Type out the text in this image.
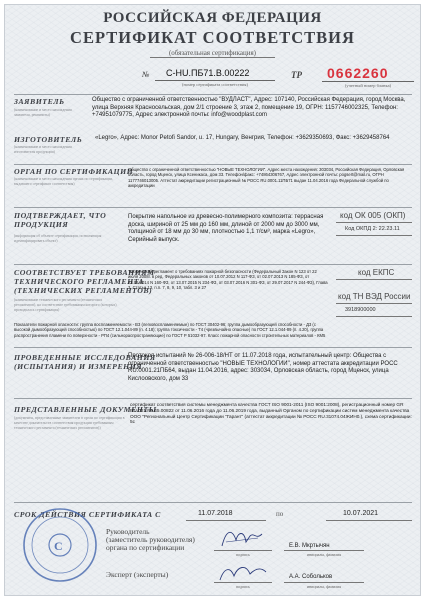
РОССИЙСКАЯ ФЕДЕРАЦИЯ
СЕРТИФИКАТ СООТВЕТСТВИЯ
(обязательная сертификация)
№ С-HU.ПБ71.В.00222
(номер сертификата соответствия)
ТР 0662260
(учетный номер бланка)
ЗАЯВИТЕЛЬ
(наименование и место нахождения заявителя, реквизиты)
Общество с ограниченной ответственностью "ВУДЛАСТ", Адрес: 107140, Российская Федерация, город Москва, улица Верхняя Красносельская, дом 2/1 строение 3, этаж 2, помещение 19, ОГРН: 1157746002325, Телефон: +74951079775, Адрес электронной почты: info@woodplast.com
ИЗГОТОВИТЕЛЬ
(наименование и место нахождения изготовителя продукции)
«Legro», Адрес: Monor Petofi Sandor, u. 17, Hungary, Венгрия, Телефон: +3629350693, Факс: +3629458764
ОРГАН ПО СЕРТИФИКАЦИИ
(наименование и место нахождения органа по сертификации, выдавшего сертификат соответствия)
Общество с ограниченной ответственностью "НОВЫЕ ТЕХНОЛОГИИ". Адрес места нахождения: 303034, Российская Федерация, Орловская область, город Мценск, улица Ксеникаса, дом 33. Телефон/факс: +74864306767, Адрес электронной почты: pogsert@mail.ru, ОГРН 1177746013005. Аттестат аккредитации регистрационный № РОСС RU.0001.11ПБ71 выдан 11.04.2016 года Федеральной службой по аккредитации
ПОДТВЕРЖДАЕТ, ЧТО
ПРОДУКЦИЯ
(информация об объекте сертификации, позволяющая идентифицировать объект)
Покрытие напольное из древесно-полимерного композита: террасная доска, шириной от 25 мм до 160 мм, длиной от 2000 мм до 3000 мм, толщиной от 18 мм до 30 мм, плотностью 1,1 т/см³, марка «Legro», Серийный выпуск.
код ОК 005 (ОКП)
Код ОКПД 2: 22.23.11
СООТВЕТСТВУЕТ ТРЕБОВАНИЯМ
ТЕХНИЧЕСКОГО РЕГЛАМЕНТА
(ТЕХНИЧЕСКИХ РЕГЛАМЕНТОВ)
(наименование технического регламента (технических регламентов), на соответствие требованиям которого (которых) проводилась сертификация)
Технический регламент о требованиях пожарной безопасности (Федеральный Закон N 123 от 22 июля 2008г. в ред. Федеральных законов от 10.07.2012 N 117-ФЗ, от 02.07.2013 N 185-ФЗ, от 23.06.2014 N 160-ФЗ, от 13.07.2015 N 234-ФЗ, от 03.07.2016 N 301-ФЗ, от 29.07.2017 N 244-ФЗ), Глава 3, Статьи 13, п.п. 7, 8, 9, 10, табл. 3 и 27
Показатели пожарной опасности: группа воспламеняемости - В3 (легковоспламеняемые) по ГОСТ 30402-96; группа дымообразующей способности - Д3 (с высокой дымообразующей способностью) по ГОСТ 12.1.044-89 (п. 4.18); группа токсичности - Т4 (чрезвычайно опасные) по ГОСТ 12.1.044-89 (п. 4.20), группа распространения пламени по поверхности - РП4 (сильнораспространяющие) по ГОСТ Р 51032-97. Класс пожарной опасности строительных материалов - КМ5
код ЕКПС
код ТН ВЭД России
3918900000
ПРОВЕДЕННЫЕ ИССЛЕДОВАНИЯ
(ИСПЫТАНИЯ) И ИЗМЕРЕНИЯ
Протокол испытаний № 26-006-18/НТ от 11.07.2018 года, испытательный центр: Общества с ограниченной ответственностью "НОВЫЕ ТЕХНОЛОГИИ", номер аттестата аккредитации РОСС RU.0001.21ПБ64, выдан 11.04.2016, адрес: 303034, Орловская область, город Мценск, улица Кислоовского, дом 33
ПРЕДСТАВЛЕННЫЕ ДОКУМЕНТЫ
(документы, представленные заявителем в орган по сертификации в качестве доказательств соответствия продукции требованиям технического регламента (технических регламентов))
сертификат соответствия системы менеджмента качества ГОСТ ISO 9001-2011 (ISO 9001:2008), регистрационный номер GR RU.001.FA.45.00822 от 11.06.2016 года до 11.06.2019 года, выданный Органом по сертификации систем менеджмента качества ООО "Региональный Центр Сертификации "Гарант" (аттестат аккредитации № РОСС RU.31074.04ЖИН0.), схема сертификации: 5с
СРОК ДЕЙСТВИЯ СЕРТИФИКАТА С	11.07.2018	по	10.07.2021
Руководитель
(заместитель руководителя)
органа по сертификации
подпись
Е.В. Мкртычян
инициалы, фамилия
Эксперт (эксперты)	А.А. Собольков
подпись	инициалы, фамилия
С
